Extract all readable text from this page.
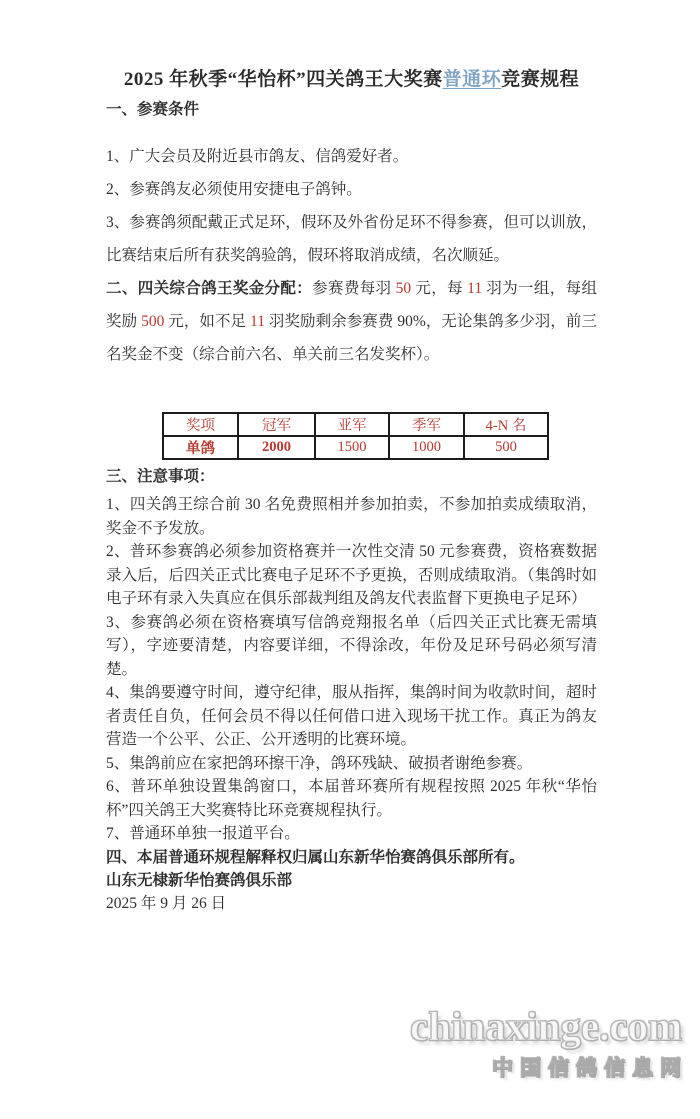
2025 年秋季“华怡杯”四关鸽王大奖赛普通环竞赛规程

一、参赛条件

1、广大会员及附近县市鸽友、信鸽爱好者。

2、参赛鸽友必须使用安捷电子鸽钟。

3、参赛鸽须配戴正式足环，假环及外省份足环不得参赛，但可以训放，比赛结束后所有获奖鸽验鸽，假环将取消成绩，名次顺延。

二、四关综合鸽王奖金分配：参赛费每羽 50 元，每 11 羽为一组，每组奖励 500 元，如不足 11 羽奖励剩余参赛费 90%，无论集鸽多少羽，前三名奖金不变（综合前六名、单关前三名发奖杯）。

奖项	冠军	亚军	季军	4-N 名
单鸽	2000	1500	1000	500

三、注意事项：

1、四关鸽王综合前 30 名免费照相并参加拍卖，不参加拍卖成绩取消，奖金不予发放。

2、普环参赛鸽必须参加资格赛并一次性交清 50 元参赛费，资格赛数据录入后，后四关正式比赛电子足环不予更换，否则成绩取消。（集鸽时如电子环有录入失真应在俱乐部裁判组及鸽友代表监督下更换电子足环）

3、参赛鸽必须在资格赛填写信鸽竞翔报名单（后四关正式比赛无需填写），字迹要清楚，内容要详细，不得涂改，年份及足环号码必须写清楚。

4、集鸽要遵守时间，遵守纪律，服从指挥，集鸽时间为收款时间，超时者责任自负，任何会员不得以任何借口进入现场干扰工作。真正为鸽友营造一个公平、公正、公开透明的比赛环境。

5、集鸽前应在家把鸽环擦干净，鸽环残缺、破损者谢绝参赛。

6、普环单独设置集鸽窗口，本届普环赛所有规程按照 2025 年秋“华怡杯”四关鸽王大奖赛特比环竞赛规程执行。

7、普通环单独一报道平台。

四、本届普通环规程解释权归属山东新华怡赛鸽俱乐部所有。

山东无棣新华怡赛鸽俱乐部

2025 年 9 月 26 日

chinaxinge.com
中国信鸽信息网
